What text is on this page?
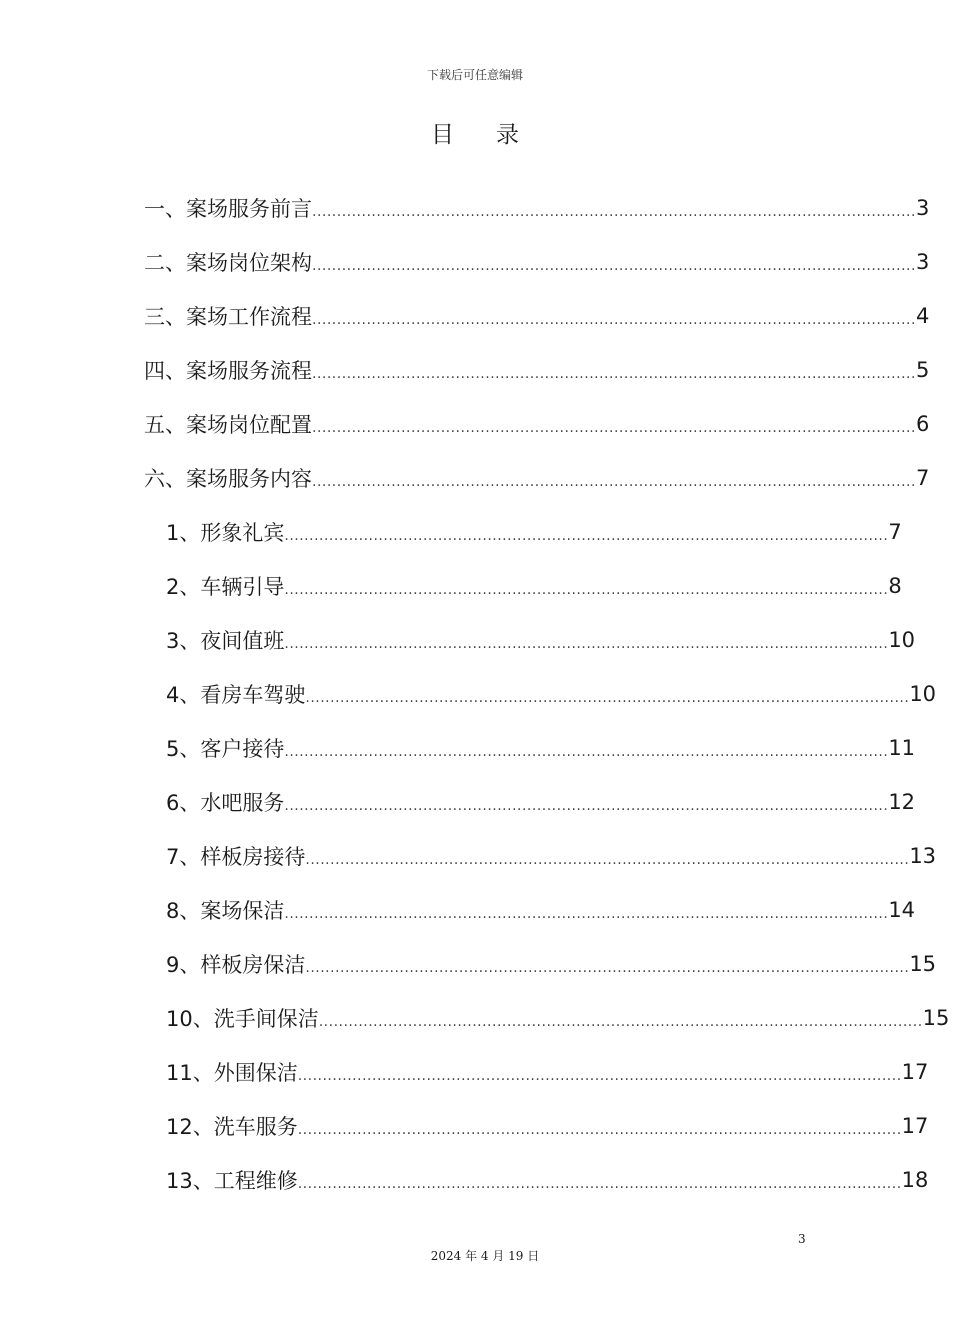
下载后可任意编辑
目 录
一、案场服务前言 .......................................................................................................................... 3
二、案场岗位架构 .......................................................................................................................... 3
三、案场工作流程 .......................................................................................................................... 4
四、案场服务流程 .......................................................................................................................... 5
五、案场岗位配置 .......................................................................................................................... 6
六、案场服务内容 .......................................................................................................................... 7
1、形象礼宾 .......................................................................................................................... 7
2、车辆引导 .......................................................................................................................... 8
3、夜间值班 .......................................................................................................................... 10
4、看房车驾驶 .......................................................................................................................... 10
5、客户接待 .......................................................................................................................... 11
6、水吧服务 .......................................................................................................................... 12
7、样板房接待 .......................................................................................................................... 13
8、案场保洁 .......................................................................................................................... 14
9、样板房保洁 .......................................................................................................................... 15
10、洗手间保洁 .......................................................................................................................... 15
11、外围保洁 .......................................................................................................................... 17
12、洗车服务 .......................................................................................................................... 17
13、工程维修 .......................................................................................................................... 18
3
2024 年 4 月 19 日
